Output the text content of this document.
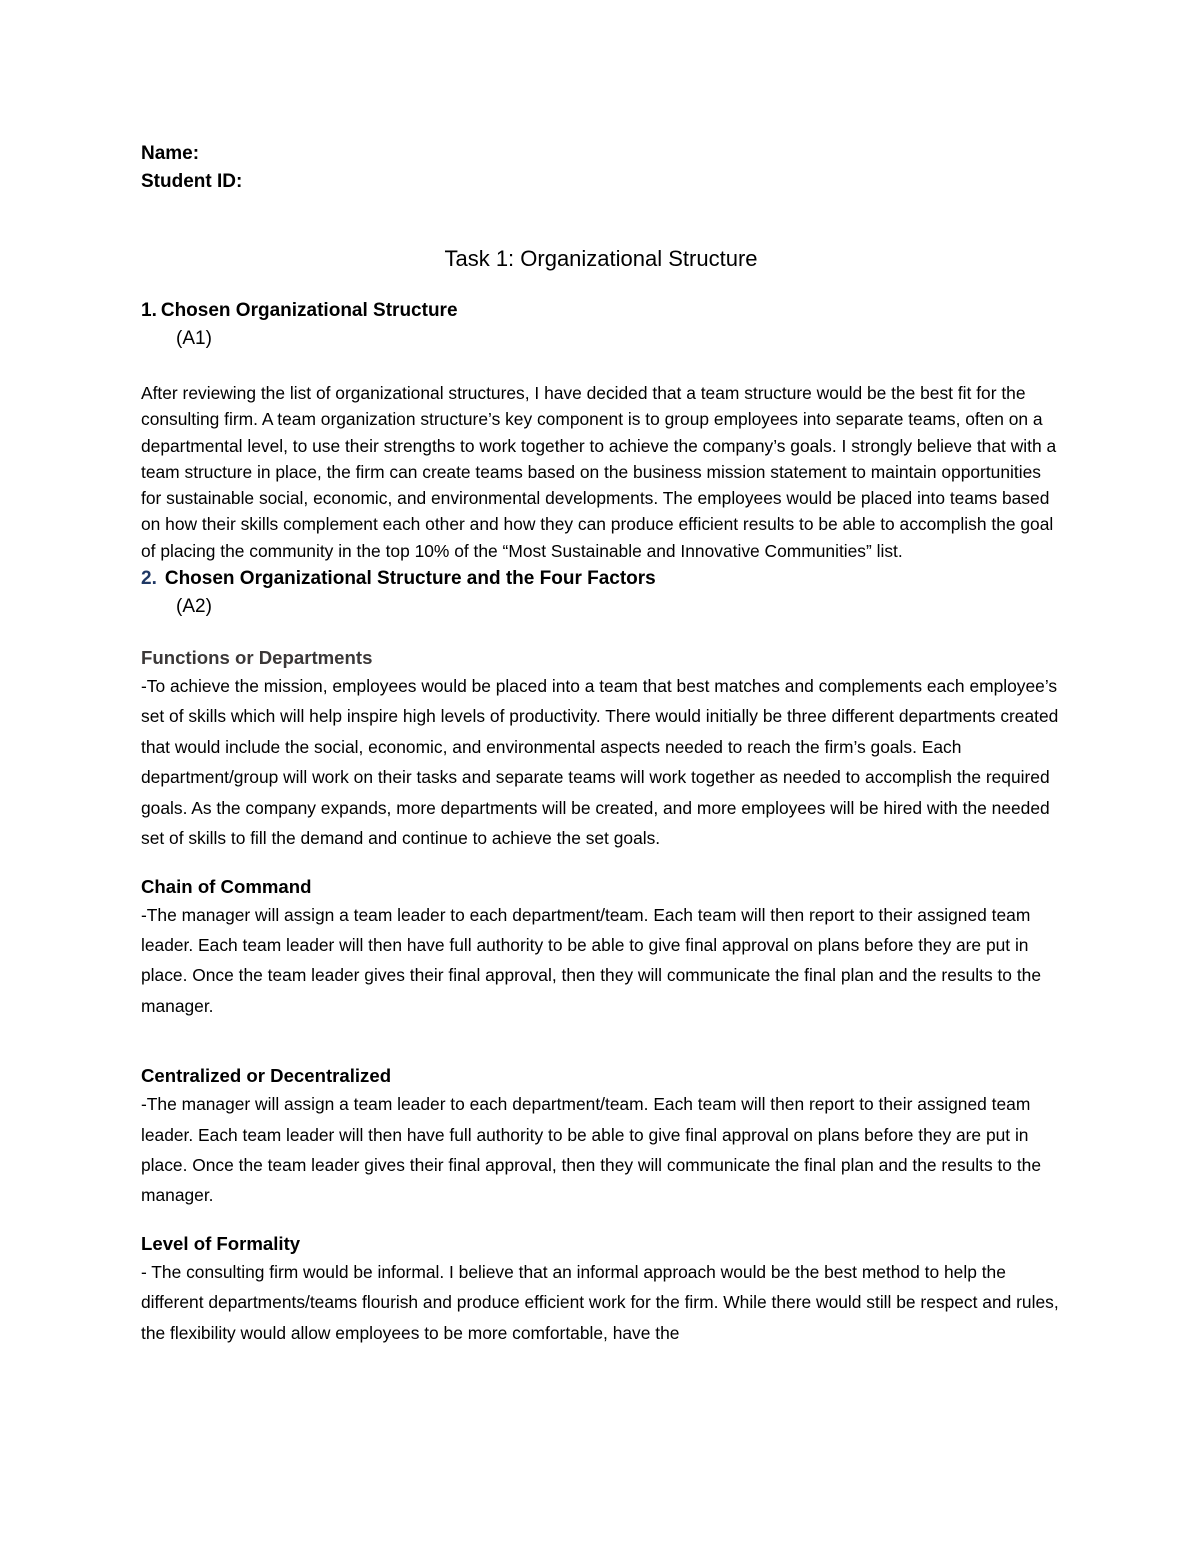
Name:

Student ID:

Task 1: Organizational Structure

1. Chosen Organizational Structure

(A1)

After reviewing the list of organizational structures, I have decided that a team structure would be the best fit for the consulting firm. A team organization structure’s key component is to group employees into separate teams, often on a departmental level, to use their strengths to work together to achieve the company’s goals. I strongly believe that with a team structure in place, the firm can create teams based on the business mission statement to maintain opportunities for sustainable social, economic, and environmental developments. The employees would be placed into teams based on how their skills complement each other and how they can produce efficient results to be able to accomplish the goal of placing the community in the top 10% of the “Most Sustainable and Innovative Communities” list.

2. Chosen Organizational Structure and the Four Factors

(A2)

Functions or Departments

-To achieve the mission, employees would be placed into a team that best matches and complements each employee’s set of skills which will help inspire high levels of productivity. There would initially be three different departments created that would include the social, economic, and environmental aspects needed to reach the firm’s goals. Each department/group will work on their tasks and separate teams will work together as needed to accomplish the required goals. As the company expands, more departments will be created, and more employees will be hired with the needed set of skills to fill the demand and continue to achieve the set goals.

Chain of Command

-The manager will assign a team leader to each department/team. Each team will then report to their assigned team leader. Each team leader will then have full authority to be able to give final approval on plans before they are put in place. Once the team leader gives their final approval, then they will communicate the final plan and the results to the manager.

Centralized or Decentralized

-The manager will assign a team leader to each department/team. Each team will then report to their assigned team leader. Each team leader will then have full authority to be able to give final approval on plans before they are put in place. Once the team leader gives their final approval, then they will communicate the final plan and the results to the manager.

Level of Formality

- The consulting firm would be informal. I believe that an informal approach would be the best method to help the different departments/teams flourish and produce efficient work for the firm. While there would still be respect and rules, the flexibility would allow employees to be more comfortable, have the
